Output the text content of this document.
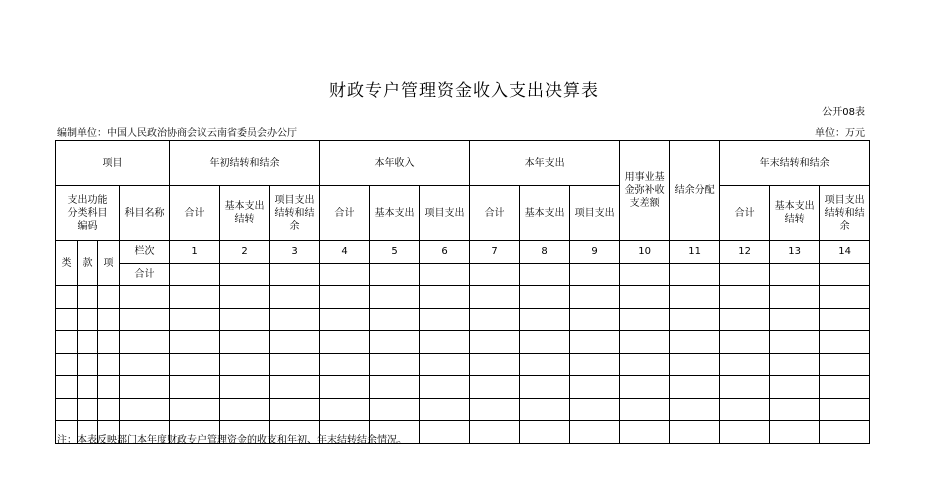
财政专户管理资金收入支出决算表
公开08表
编制单位：中国人民政治协商会议云南省委员会办公厅	单位：万元
项目				年初结转和结余			本年收入			本年支出			用事业基金弥补收支差额	结余分配	年末结转和结余		
支出功能分类科目编码			科目名称	合计	基本支出结转	项目支出结转和结余	合计	基本支出	项目支出	合计	基本支出	项目支出			合计	基本支出结转	项目支出结转和结余
类	款	项	栏次	1	2	3	4	5	6	7	8	9	10	11	12	13	14
			合计														

注：本表反映部门本年度财政专户管理资金的收支和年初、年末结转结余情况。
